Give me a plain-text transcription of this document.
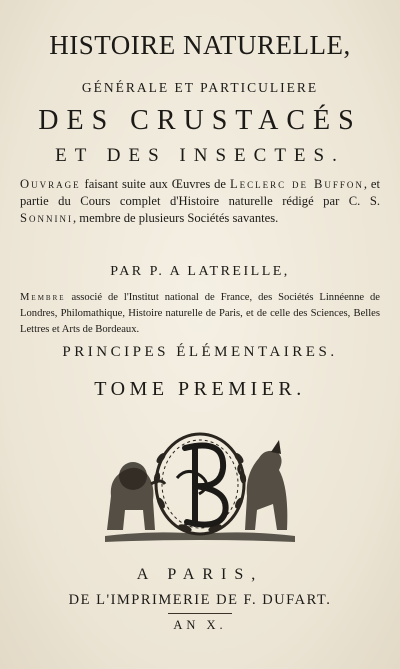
HISTOIRE NATURELLE,
GÉNÉRALE ET PARTICULIERE
DES CRUSTACÉS
ET DES INSECTES.
Ouvrage faisant suite aux Œuvres de Leclerc de Buffon, et partie du Cours complet d'Histoire naturelle rédigé par C. S. Sonnini, membre de plusieurs Sociétés savantes.
PAR P. A LATREILLE,
Membre associé de l'Institut national de France, des Sociétés Linnéenne de Londres, Philomathique, Histoire naturelle de Paris, et de celle des Sciences, Belles Lettres et Arts de Bordeaux.
PRINCIPES ÉLÉMENTAIRES.
TOME PREMIER.
A PARIS,
DE L'IMPRIMERIE DE F. DUFART.
AN X.
